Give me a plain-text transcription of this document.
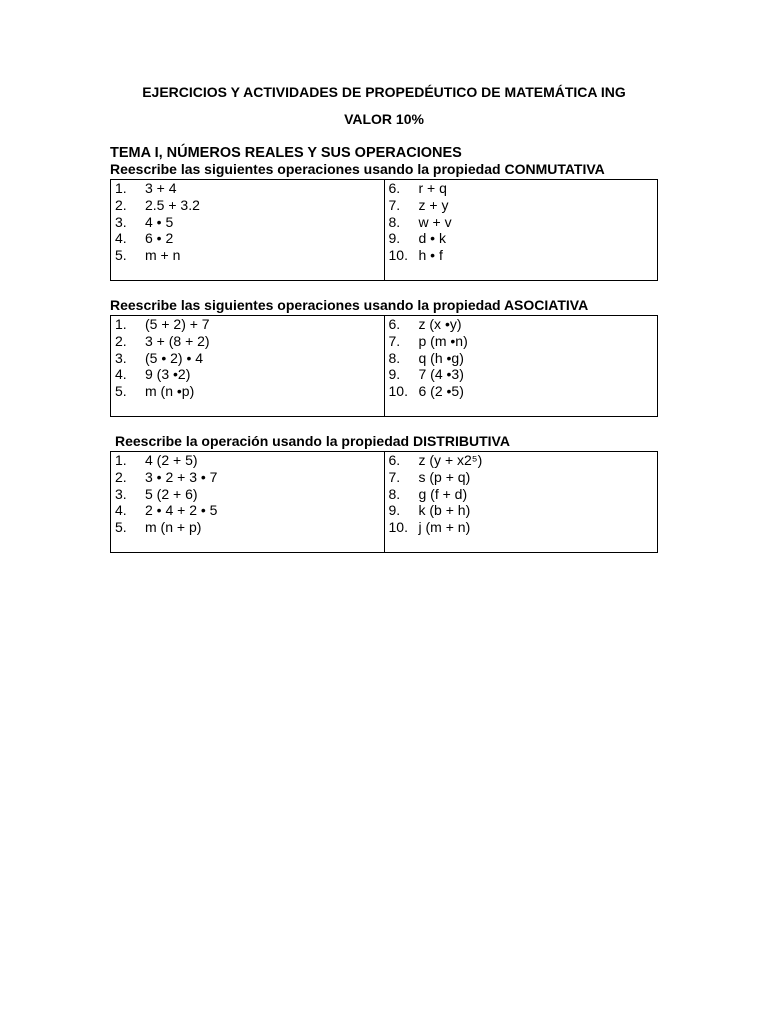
EJERCICIOS Y ACTIVIDADES DE PROPEDÉUTICO DE MATEMÁTICA ING
VALOR 10%
TEMA I, NÚMEROS REALES Y SUS OPERACIONES
Reescribe las siguientes operaciones usando la propiedad CONMUTATIVA
1.	3 + 4
2.	2.5 + 3.2
3.	4 • 5
4.	6 • 2
5.	m + n
6.	r + q
7.	z + y
8.	w + v
9.	d • k
10. h • f
Reescribe las siguientes operaciones usando la propiedad ASOCIATIVA
1.	(5 + 2) + 7
2.	3 + (8 + 2)
3.	(5 • 2) • 4
4.	9 (3 •2)
5.	m (n •p)
6.	z (x •y)
7.	p (m •n)
8.	q (h •g)
9.	7 (4 •3)
10. 6 (2 •5)
Reescribe la operación usando la propiedad DISTRIBUTIVA
1.	4 (2 + 5)
2.	3 • 2 + 3 • 7
3.	5 (2 + 6)
4.	2 • 4 + 2 • 5
5.	m (n + p)
6.	z (y + x2⁵)
7.	s (p + q)
8.	g (f + d)
9.	k (b + h)
10. j (m + n)
